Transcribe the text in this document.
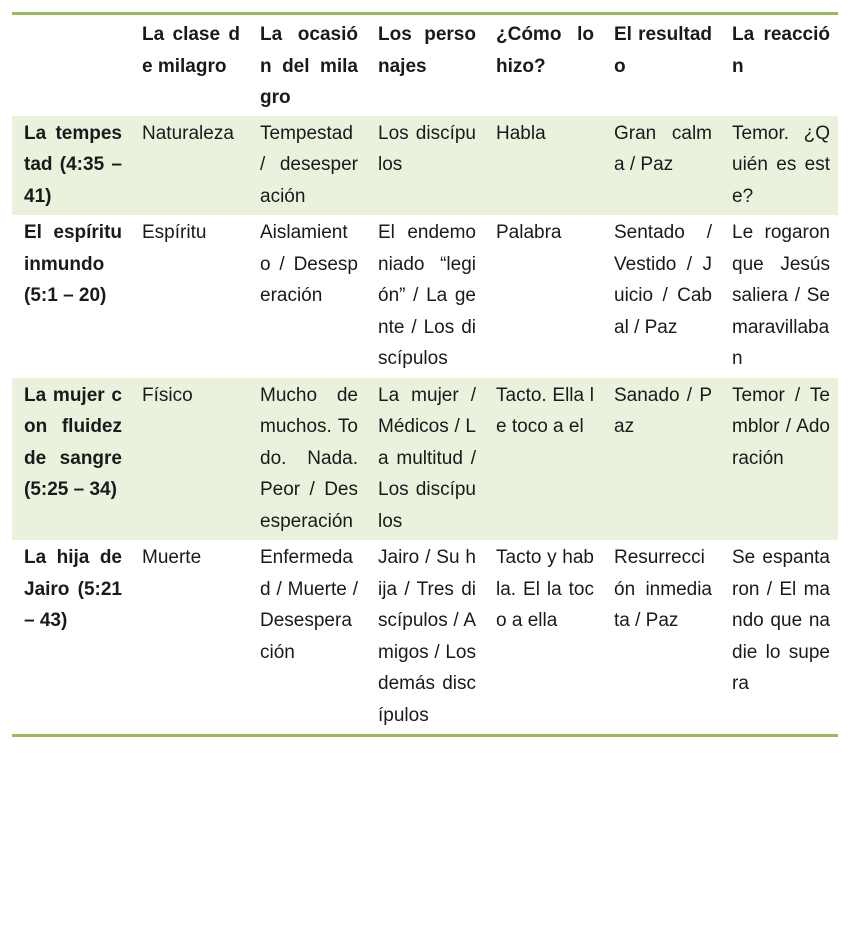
	La clase de milagro	La ocasión del milagro	Los personajes	¿Cómo lo hizo?	El resultado	La reacción
La tempestad (4:35 – 41)	Naturaleza	Tempestad / desesperación	Los discípulos	Habla	Gran calma / Paz	Temor. ¿Quién es este?
El espíritu inmundo (5:1 – 20)	Espíritu	Aislamiento / Desesperación	El endemoniado “legión” / La gente / Los discípulos	Palabra	Sentado / Vestido / Juicio / Cabal / Paz	Le rogaron que Jesús saliera / Se maravillaban
La mujer con fluidez de sangre (5:25 – 34)	Físico	Mucho de muchos. Todo. Nada. Peor / Desesperación	La mujer / Médicos / La multitud / Los discípulos	Tacto. Ella le toco a el	Sanado / Paz	Temor / Temblor / Adoración
La hija de Jairo (5:21 – 43)	Muerte	Enfermedad / Muerte / Desesperación	Jairo / Su hija / Tres discípulos / Amigos / Los demás discípulos	Tacto y habla. El la toco a ella	Resurrección inmediata / Paz	Se espantaron / El mando que nadie lo supera
